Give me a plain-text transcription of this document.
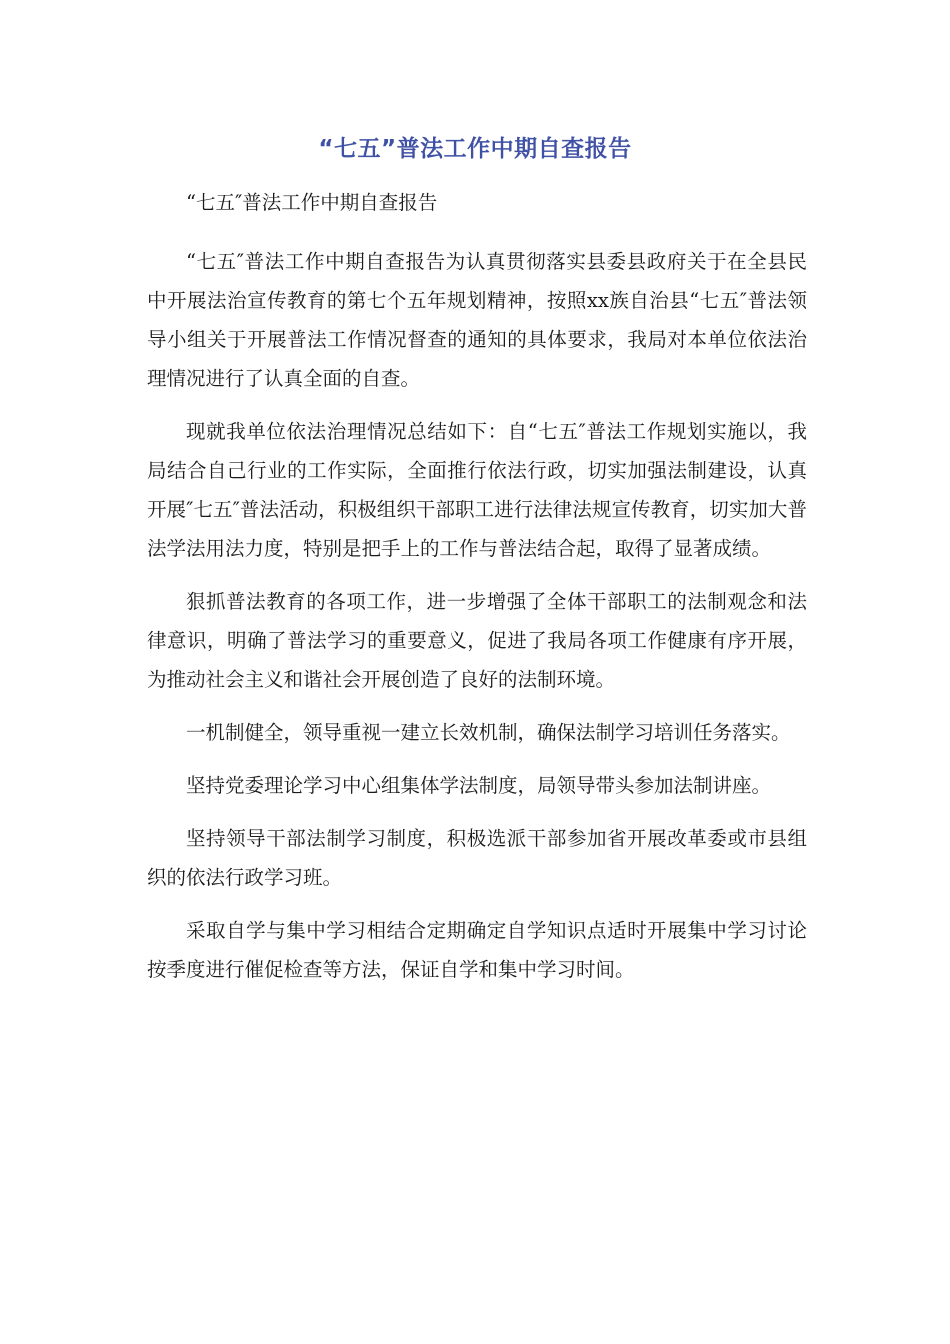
“七五”普法工作中期自查报告

“七五″普法工作中期自查报告

“七五″普法工作中期自查报告为认真贯彻落实县委县政府关于在全县民中开展法治宣传教育的第七个五年规划精神，按照xx族自治县“七五″普法领导小组关于开展普法工作情况督查的通知的具体要求，我局对本单位依法治理情况进行了认真全面的自查。

现就我单位依法治理情况总结如下：自“七五″普法工作规划实施以，我局结合自己行业的工作实际，全面推行依法行政，切实加强法制建设，认真开展″七五″普法活动，积极组织干部职工进行法律法规宣传教育，切实加大普法学法用法力度，特别是把手上的工作与普法结合起，取得了显著成绩。

狠抓普法教育的各项工作，进一步增强了全体干部职工的法制观念和法律意识，明确了普法学习的重要意义，促进了我局各项工作健康有序开展，为推动社会主义和谐社会开展创造了良好的法制环境。

一机制健全，领导重视一建立长效机制，确保法制学习培训任务落实。

坚持党委理论学习中心组集体学法制度，局领导带头参加法制讲座。

坚持领导干部法制学习制度，积极选派干部参加省开展改革委或市县组织的依法行政学习班。

采取自学与集中学习相结合定期确定自学知识点适时开展集中学习讨论按季度进行催促检查等方法，保证自学和集中学习时间。
